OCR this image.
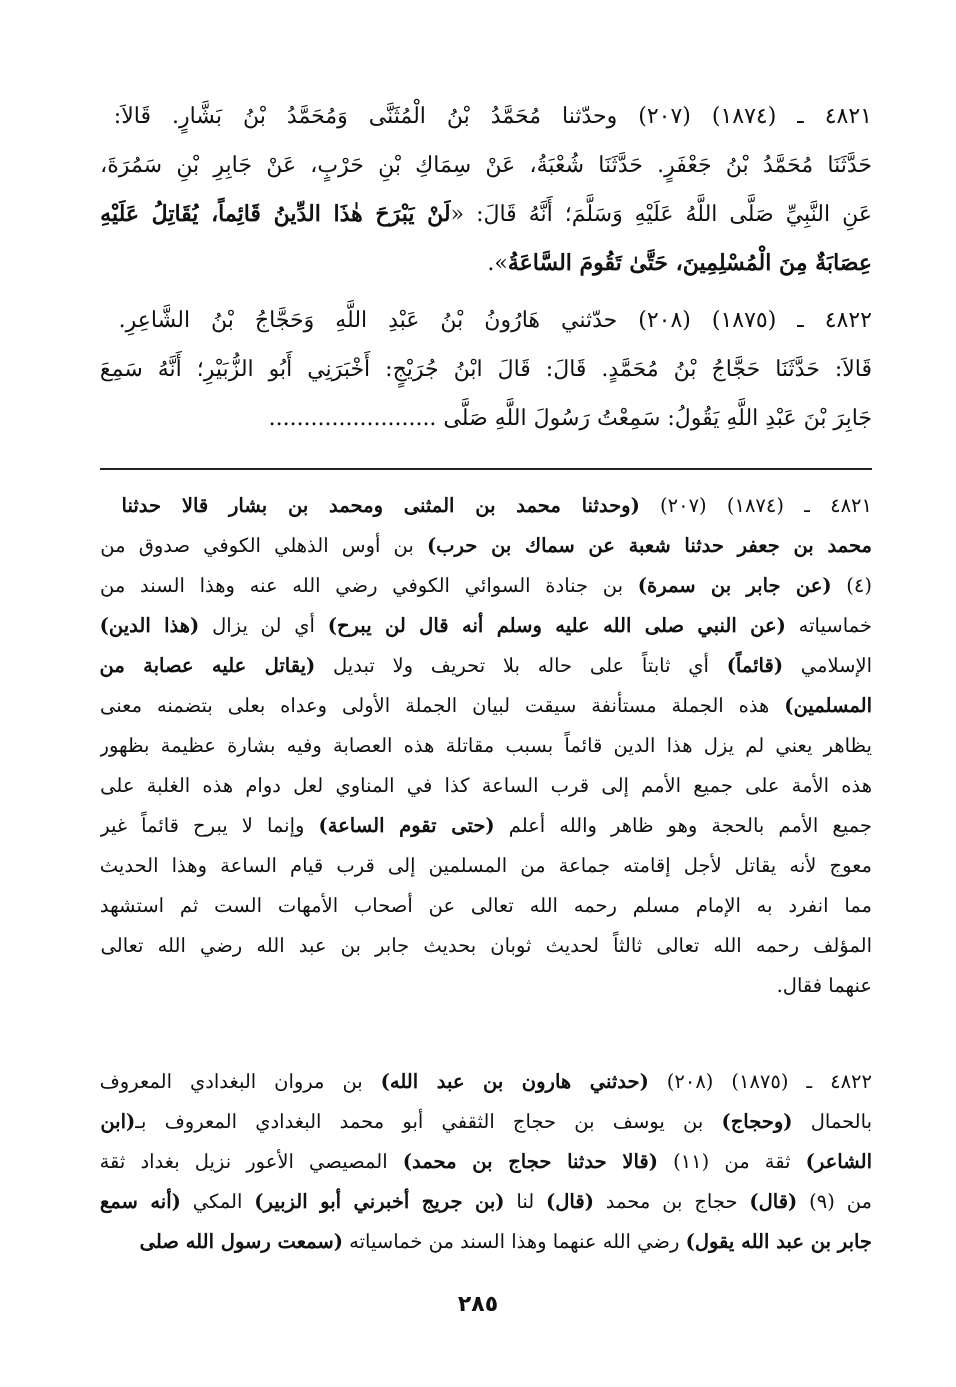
٤٨٢١ ـ (١٨٧٤) (٢٠٧) وحدّثنا مُحَمَّدُ بْنُ الْمُثَنَّى وَمُحَمَّدُ بْنُ بَشَّارٍ. قَالاَ:
حَدَّثَنَا مُحَمَّدُ بْنُ جَعْفَرٍ. حَدَّثَنَا شُعْبَةُ، عَنْ سِمَاكِ بْنِ حَرْبٍ، عَنْ جَابِرِ بْنِ سَمُرَةَ،
عَنِ النَّبِيِّ صَلَّى اللَّهُ عَلَيْهِ وَسَلَّمَ؛ أَنَّهُ قَالَ: «لَنْ يَبْرَحَ هٰذَا الدِّينُ قَائِماً، يُقَاتِلُ عَلَيْهِ
عِصَابَةٌ مِنَ الْمُسْلِمِينَ، حَتَّىٰ تَقُومَ السَّاعَةُ».
٤٨٢٢ ـ (١٨٧٥) (٢٠٨) حدّثني هَارُونُ بْنُ عَبْدِ اللَّهِ وَحَجَّاجُ بْنُ الشَّاعِرِ.
قَالاَ: حَدَّثَنَا حَجَّاجُ بْنُ مُحَمَّدٍ. قَالَ: قَالَ ابْنُ جُرَيْجٍ: أَخْبَرَنِي أَبُو الزُّبَيْرِ؛ أَنَّهُ سَمِعَ
جَابِرَ بْنَ عَبْدِ اللَّهِ يَقُولُ: سَمِعْتُ رَسُولَ اللَّهِ صَلَّى ........................
٤٨٢١ ـ (١٨٧٤) (٢٠٧) (وحدثنا محمد بن المثنى ومحمد بن بشار قالا حدثنا
محمد بن جعفر حدثنا شعبة عن سماك بن حرب) بن أوس الذهلي الكوفي صدوق من
(٤) (عن جابر بن سمرة) بن جنادة السوائي الكوفي رضي الله عنه وهذا السند من
خماسياته (عن النبي صلى الله عليه وسلم أنه قال لن يبرح) أي لن يزال (هذا الدين)
الإسلامي (قائماً) أي ثابتاً على حاله بلا تحريف ولا تبديل (يقاتل عليه عصابة من
المسلمين) هذه الجملة مستأنفة سيقت لبيان الجملة الأولى وعداه بعلى بتضمنه معنى
يظاهر يعني لم يزل هذا الدين قائماً بسبب مقاتلة هذه العصابة وفيه بشارة عظيمة بظهور
هذه الأمة على جميع الأمم إلى قرب الساعة كذا في المناوي لعل دوام هذه الغلبة على
جميع الأمم بالحجة وهو ظاهر والله أعلم (حتى تقوم الساعة) وإنما لا يبرح قائماً غير
معوج لأنه يقاتل لأجل إقامته جماعة من المسلمين إلى قرب قيام الساعة وهذا الحديث
مما انفرد به الإمام مسلم رحمه الله تعالى عن أصحاب الأمهات الست ثم استشهد
المؤلف رحمه الله تعالى ثالثاً لحديث ثوبان بحديث جابر بن عبد الله رضي الله تعالى
عنهما فقال.
٤٨٢٢ ـ (١٨٧٥) (٢٠٨) (حدثني هارون بن عبد الله) بن مروان البغدادي المعروف
بالحمال (وحجاج) بن يوسف بن حجاج الثقفي أبو محمد البغدادي المعروف بـ(ابن
الشاعر) ثقة من (١١) (قالا حدثنا حجاج بن محمد) المصيصي الأعور نزيل بغداد ثقة
من (٩) (قال) حجاج بن محمد (قال) لنا (بن جريج أخبرني أبو الزبير) المكي (أنه سمع
جابر بن عبد الله يقول) رضي الله عنهما وهذا السند من خماسياته (سمعت رسول الله صلى
٢٨٥
